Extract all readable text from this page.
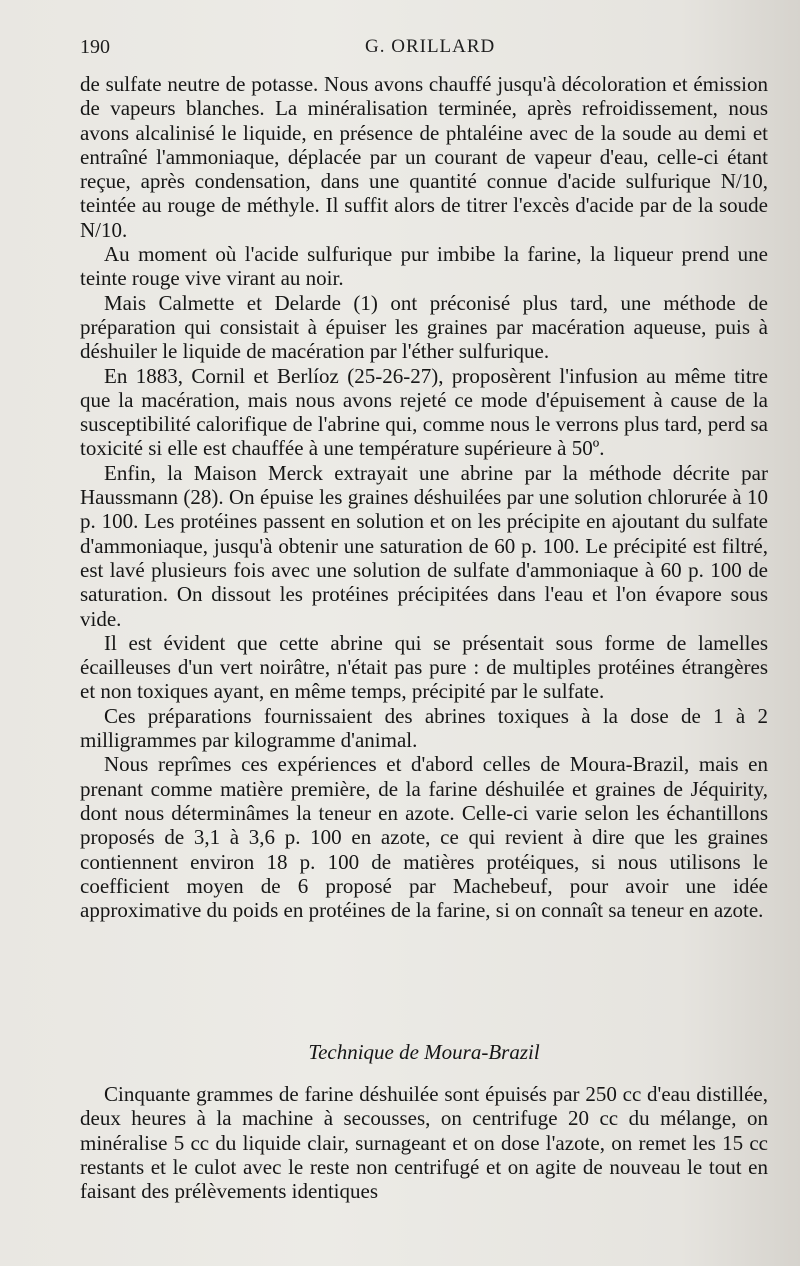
190	G. ORILLARD

de sulfate neutre de potasse. Nous avons chauffé jusqu'à décoloration et émission de vapeurs blanches. La minéralisation terminée, après refroidissement, nous avons alcalinisé le liquide, en présence de phtaléine avec de la soude au demi et entraîné l'ammoniaque, déplacée par un courant de vapeur d'eau, celle-ci étant reçue, après condensation, dans une quantité connue d'acide sulfurique N/10, teintée au rouge de méthyle. Il suffit alors de titrer l'excès d'acide par de la soude N/10.

Au moment où l'acide sulfurique pur imbibe la farine, la liqueur prend une teinte rouge vive virant au noir.

Mais Calmette et Delarde (1) ont préconisé plus tard, une méthode de préparation qui consistait à épuiser les graines par macération aqueuse, puis à déshuiler le liquide de macération par l'éther sulfurique.

En 1883, Cornil et Berlíoz (25-26-27), proposèrent l'infusion au même titre que la macération, mais nous avons rejeté ce mode d'épuisement à cause de la susceptibilité calorifique de l'abrine qui, comme nous le verrons plus tard, perd sa toxicité si elle est chauffée à une température supérieure à 50º.

Enfin, la Maison Merck extrayait une abrine par la méthode décrite par Haussmann (28). On épuise les graines déshuilées par une solution chlorurée à 10 p. 100. Les protéines passent en solution et on les précipite en ajoutant du sulfate d'ammoniaque, jusqu'à obtenir une saturation de 60 p. 100. Le précipité est filtré, est lavé plusieurs fois avec une solution de sulfate d'ammoniaque à 60 p. 100 de saturation. On dissout les protéines précipitées dans l'eau et l'on évapore sous vide.

Il est évident que cette abrine qui se présentait sous forme de lamelles écailleuses d'un vert noirâtre, n'était pas pure : de multiples protéines étrangères et non toxiques ayant, en même temps, précipité par le sulfate.

Ces préparations fournissaient des abrines toxiques à la dose de 1 à 2 milligrammes par kilogramme d'animal.

Nous reprîmes ces expériences et d'abord celles de Moura-Brazil, mais en prenant comme matière première, de la farine déshuilée et graines de Jéquirity, dont nous déterminâmes la teneur en azote. Celle-ci varie selon les échantillons proposés de 3,1 à 3,6 p. 100 en azote, ce qui revient à dire que les graines contiennent environ 18 p. 100 de matières protéiques, si nous utilisons le coefficient moyen de 6 proposé par Machebeuf, pour avoir une idée approximative du poids en protéines de la farine, si on connaît sa teneur en azote.

Technique de Moura-Brazil

Cinquante grammes de farine déshuilée sont épuisés par 250 cc d'eau distillée, deux heures à la machine à secousses, on centrifuge 20 cc du mélange, on minéralise 5 cc du liquide clair, surnageant et on dose l'azote, on remet les 15 cc restants et le culot avec le reste non centrifugé et on agite de nouveau le tout en faisant des prélèvements identiques
